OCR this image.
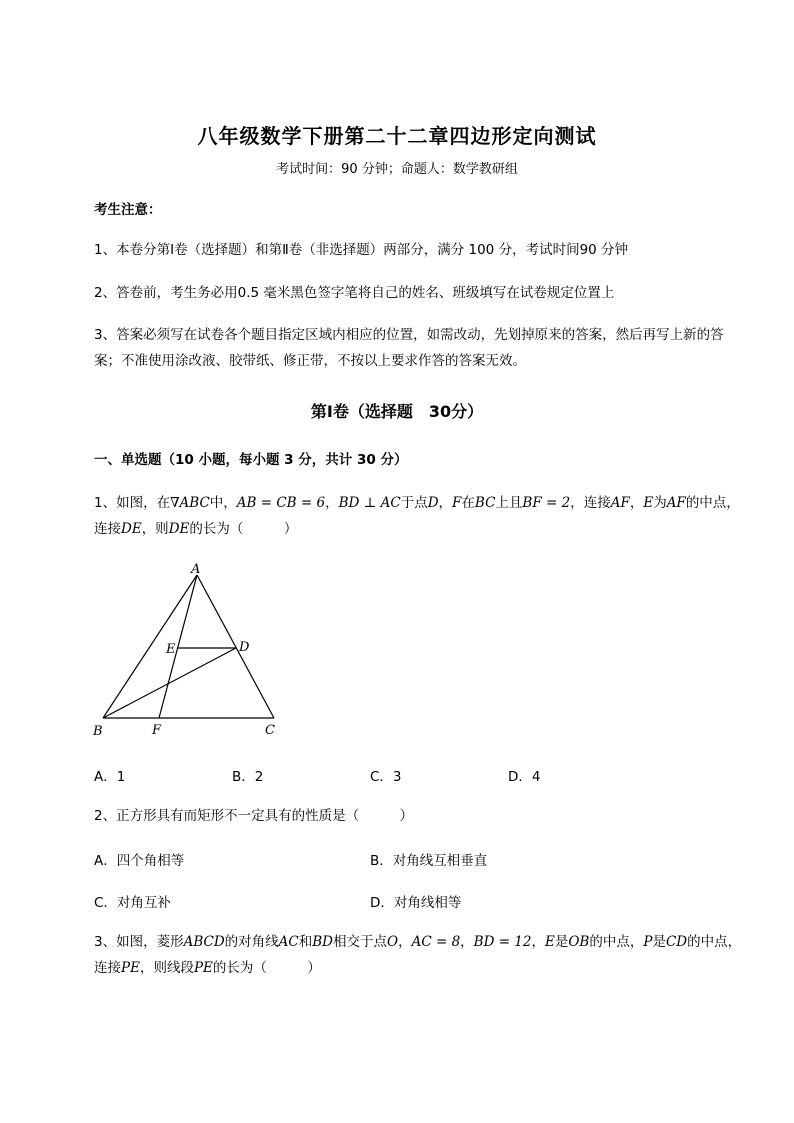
八年级数学下册第二十二章四边形定向测试
考试时间：90 分钟；命题人：数学教研组
考生注意：
1、本卷分第Ⅰ卷（选择题）和第Ⅱ卷（非选择题）两部分，满分 100 分，考试时间90 分钟
2、答卷前，考生务必用0.5 毫米黑色签字笔将自己的姓名、班级填写在试卷规定位置上
3、答案必须写在试卷各个题目指定区域内相应的位置，如需改动，先划掉原来的答案，然后再写上新的答案；不准使用涂改液、胶带纸、修正带，不按以上要求作答的答案无效。
第Ⅰ卷（选择题　30分）
一、单选题（10 小题，每小题 3 分，共计 30 分）
1、如图，在∇ABC中，AB = CB = 6，BD ⊥ AC于点D，F在BC上且BF = 2，连接AF，E为AF的中点，连接DE，则DE的长为（　　　）
A
D
E
B	F	C
A．1	B．2	C．3	D．4
2、正方形具有而矩形不一定具有的性质是（　　　）
A．四个角相等	B．对角线互相垂直
C．对角互补	D．对角线相等
3、如图，菱形ABCD的对角线AC和BD相交于点O，AC = 8，BD = 12，E是OB的中点，P是CD的中点，连接PE，则线段PE的长为（　　　）
